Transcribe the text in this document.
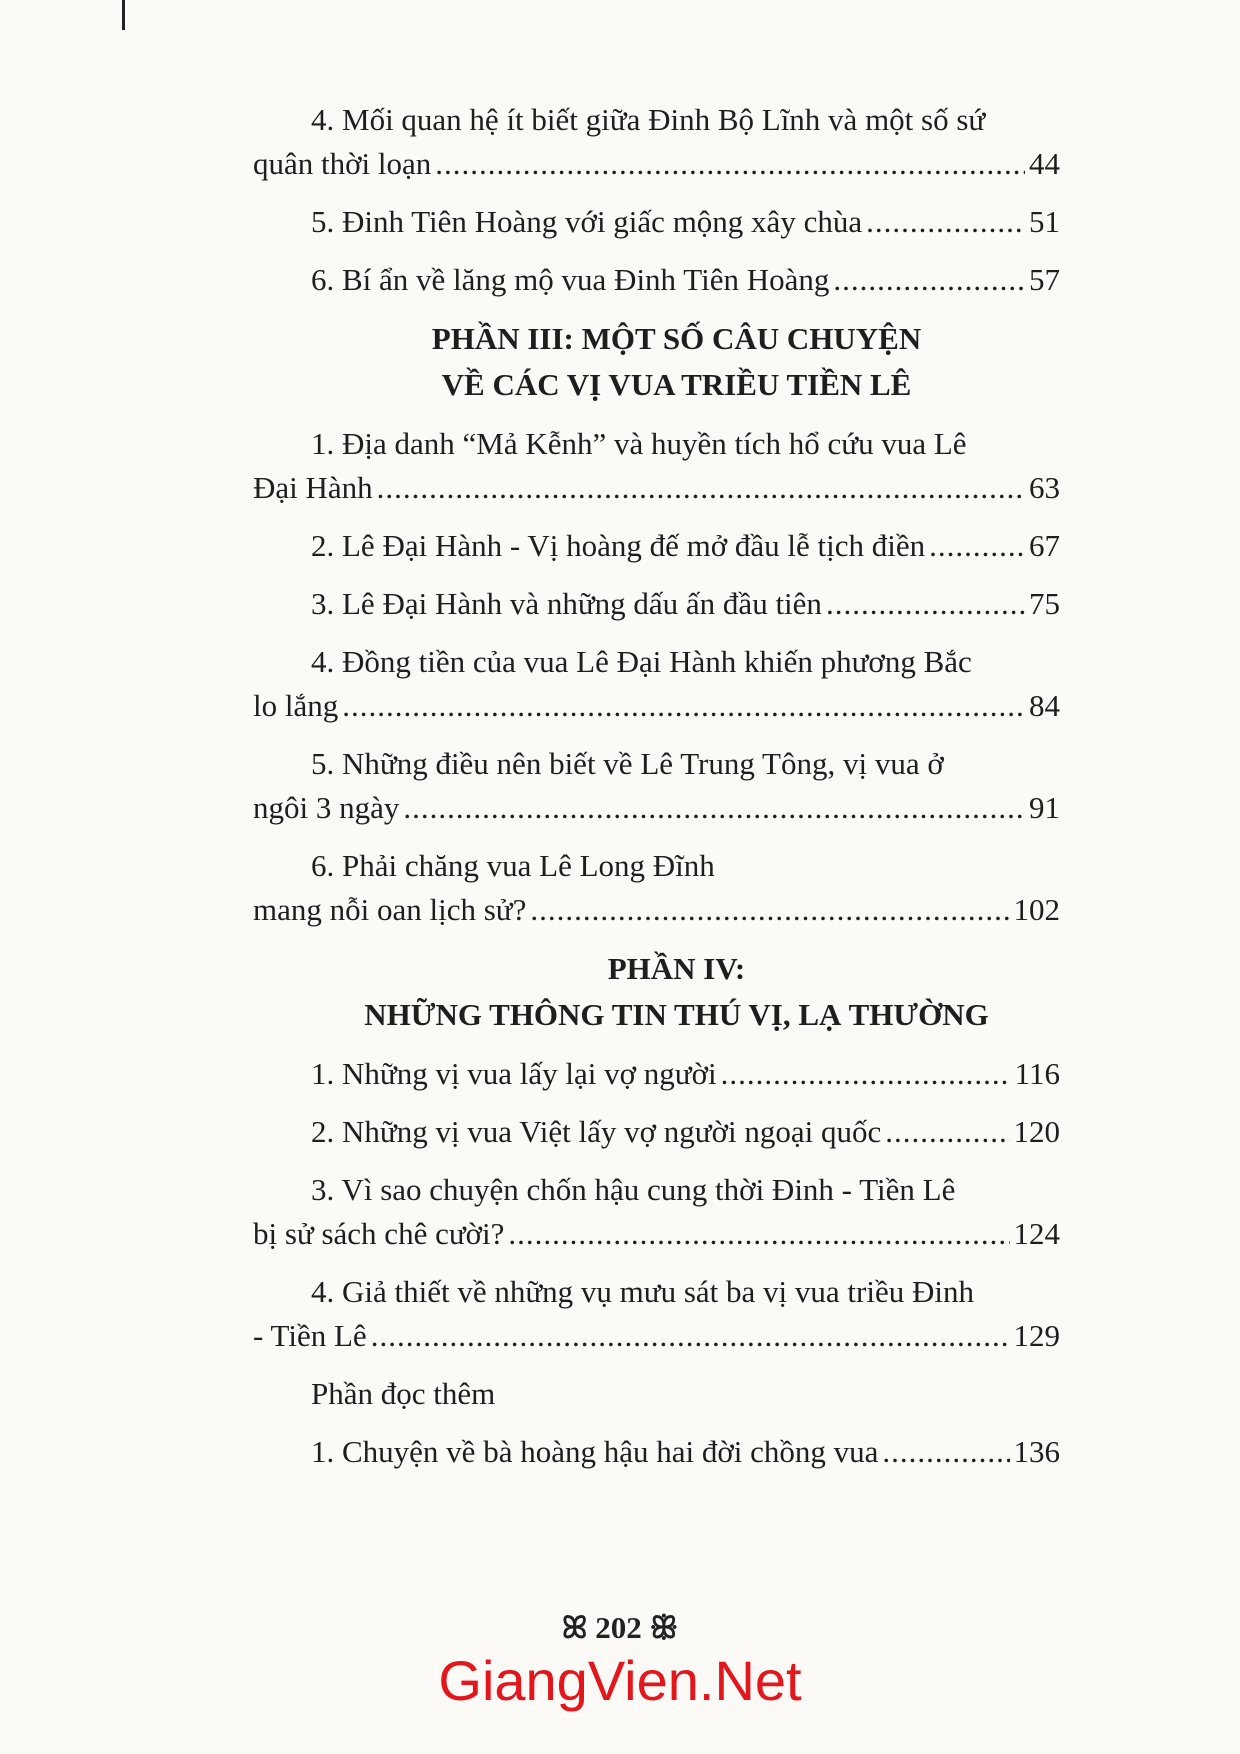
4. Mối quan hệ ít biết giữa Đinh Bộ Lĩnh và một số sứ
quân thời loạn .....	44
5. Đinh Tiên Hoàng với giấc mộng xây chùa .....	51
6. Bí ẩn về lăng mộ vua Đinh Tiên Hoàng .....	57
PHẦN III: MỘT SỐ CÂU CHUYỆN
VỀ CÁC VỊ VUA TRIỀU TIỀN LÊ
1. Địa danh “Mả Kễnh” và huyền tích hổ cứu vua Lê
Đại Hành .....	63
2. Lê Đại Hành - Vị hoàng đế mở đầu lễ tịch điền .....	67
3. Lê Đại Hành và những dấu ấn đầu tiên .....	75
4. Đồng tiền của vua Lê Đại Hành khiến phương Bắc
lo lắng .....	84
5. Những điều nên biết về Lê Trung Tông, vị vua ở
ngôi 3 ngày .....	91
6. Phải chăng vua Lê Long Đĩnh
mang nỗi oan lịch sử? .....	102
PHẦN IV:
NHỮNG THÔNG TIN THÚ VỊ, LẠ THƯỜNG
1. Những vị vua lấy lại vợ người .....	116
2. Những vị vua Việt lấy vợ người ngoại quốc .....	120
3. Vì sao chuyện chốn hậu cung thời Đinh - Tiền Lê
bị sử sách chê cười? .....	124
4. Giả thiết về những vụ mưu sát ba vị vua triều Đinh
- Tiền Lê .....	129
Phần đọc thêm
1. Chuyện về bà hoàng hậu hai đời chồng vua .....	136
ꕤ 202 ꕥ
GiangVien.Net
